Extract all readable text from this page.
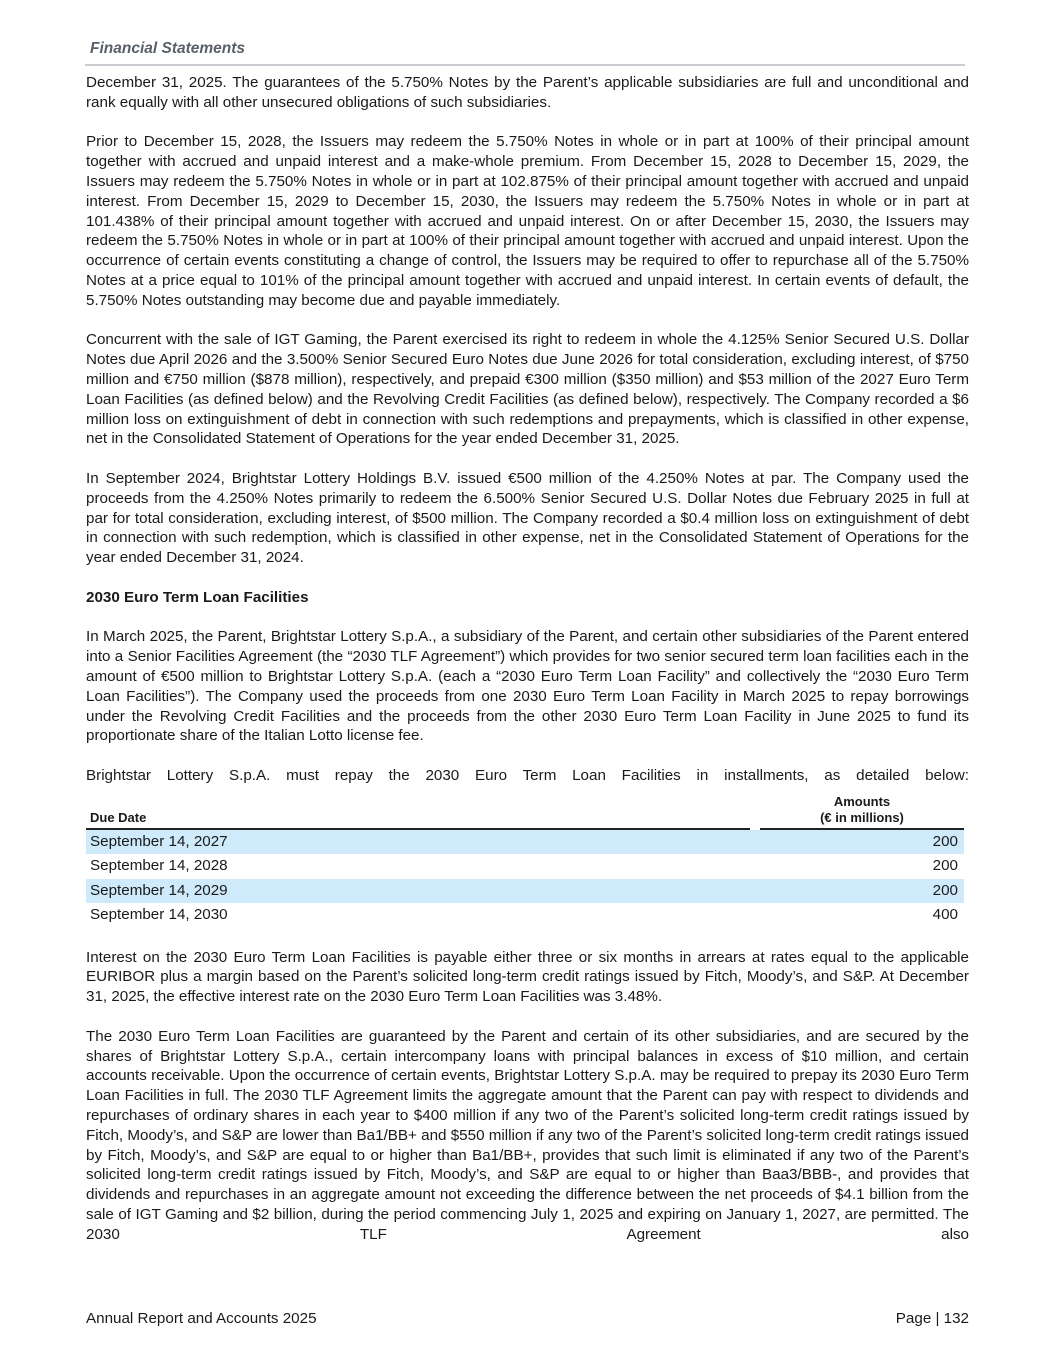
Financial Statements

December 31, 2025. The guarantees of the 5.750% Notes by the Parent’s applicable subsidiaries are full and unconditional and rank equally with all other unsecured obligations of such subsidiaries.

Prior to December 15, 2028, the Issuers may redeem the 5.750% Notes in whole or in part at 100% of their principal amount together with accrued and unpaid interest and a make-whole premium. From December 15, 2028 to December 15, 2029, the Issuers may redeem the 5.750% Notes in whole or in part at 102.875% of their principal amount together with accrued and unpaid interest. From December 15, 2029 to December 15, 2030, the Issuers may redeem the 5.750% Notes in whole or in part at 101.438% of their principal amount together with accrued and unpaid interest. On or after December 15, 2030, the Issuers may redeem the 5.750% Notes in whole or in part at 100% of their principal amount together with accrued and unpaid interest. Upon the occurrence of certain events constituting a change of control, the Issuers may be required to offer to repurchase all of the 5.750% Notes at a price equal to 101% of the principal amount together with accrued and unpaid interest. In certain events of default, the 5.750% Notes outstanding may become due and payable immediately.

Concurrent with the sale of IGT Gaming, the Parent exercised its right to redeem in whole the 4.125% Senior Secured U.S. Dollar Notes due April 2026 and the 3.500% Senior Secured Euro Notes due June 2026 for total consideration, excluding interest, of $750 million and €750 million ($878 million), respectively, and prepaid €300 million ($350 million) and $53 million of the 2027 Euro Term Loan Facilities (as defined below) and the Revolving Credit Facilities (as defined below), respectively. The Company recorded a $6 million loss on extinguishment of debt in connection with such redemptions and prepayments, which is classified in other expense, net in the Consolidated Statement of Operations for the year ended December 31, 2025.

In September 2024, Brightstar Lottery Holdings B.V. issued €500 million of the 4.250% Notes at par. The Company used the proceeds from the 4.250% Notes primarily to redeem the 6.500% Senior Secured U.S. Dollar Notes due February 2025 in full at par for total consideration, excluding interest, of $500 million. The Company recorded a $0.4 million loss on extinguishment of debt in connection with such redemption, which is classified in other expense, net in the Consolidated Statement of Operations for the year ended December 31, 2024.

2030 Euro Term Loan Facilities

In March 2025, the Parent, Brightstar Lottery S.p.A., a subsidiary of the Parent, and certain other subsidiaries of the Parent entered into a Senior Facilities Agreement (the “2030 TLF Agreement”) which provides for two senior secured term loan facilities each in the amount of €500 million to Brightstar Lottery S.p.A. (each a “2030 Euro Term Loan Facility” and collectively the “2030 Euro Term Loan Facilities”). The Company used the proceeds from one 2030 Euro Term Loan Facility in March 2025 to repay borrowings under the Revolving Credit Facilities and the proceeds from the other 2030 Euro Term Loan Facility in June 2025 to fund its proportionate share of the Italian Lotto license fee.

Brightstar Lottery S.p.A. must repay the 2030 Euro Term Loan Facilities in installments, as detailed below:

Due Date		Amounts
(€ in millions)

September 14, 2027		200
September 14, 2028		200
September 14, 2029		200
September 14, 2030		400

Interest on the 2030 Euro Term Loan Facilities is payable either three or six months in arrears at rates equal to the applicable EURIBOR plus a margin based on the Parent’s solicited long-term credit ratings issued by Fitch, Moody’s, and S&P. At December 31, 2025, the effective interest rate on the 2030 Euro Term Loan Facilities was 3.48%.

The 2030 Euro Term Loan Facilities are guaranteed by the Parent and certain of its other subsidiaries, and are secured by the shares of Brightstar Lottery S.p.A., certain intercompany loans with principal balances in excess of $10 million, and certain accounts receivable. Upon the occurrence of certain events, Brightstar Lottery S.p.A. may be required to prepay its 2030 Euro Term Loan Facilities in full. The 2030 TLF Agreement limits the aggregate amount that the Parent can pay with respect to dividends and repurchases of ordinary shares in each year to $400 million if any two of the Parent’s solicited long-term credit ratings issued by Fitch, Moody’s, and S&P are lower than Ba1/BB+ and $550 million if any two of the Parent’s solicited long-term credit ratings issued by Fitch, Moody’s, and S&P are equal to or higher than Ba1/BB+, provides that such limit is eliminated if any two of the Parent’s solicited long-term credit ratings issued by Fitch, Moody’s, and S&P are equal to or higher than Baa3/BBB-, and provides that dividends and repurchases in an aggregate amount not exceeding the difference between the net proceeds of $4.1 billion from the sale of IGT Gaming and $2 billion, during the period commencing July 1, 2025 and expiring on January 1, 2027, are permitted. The 2030 TLF Agreement also

Annual Report and Accounts 2025	Page | 132
